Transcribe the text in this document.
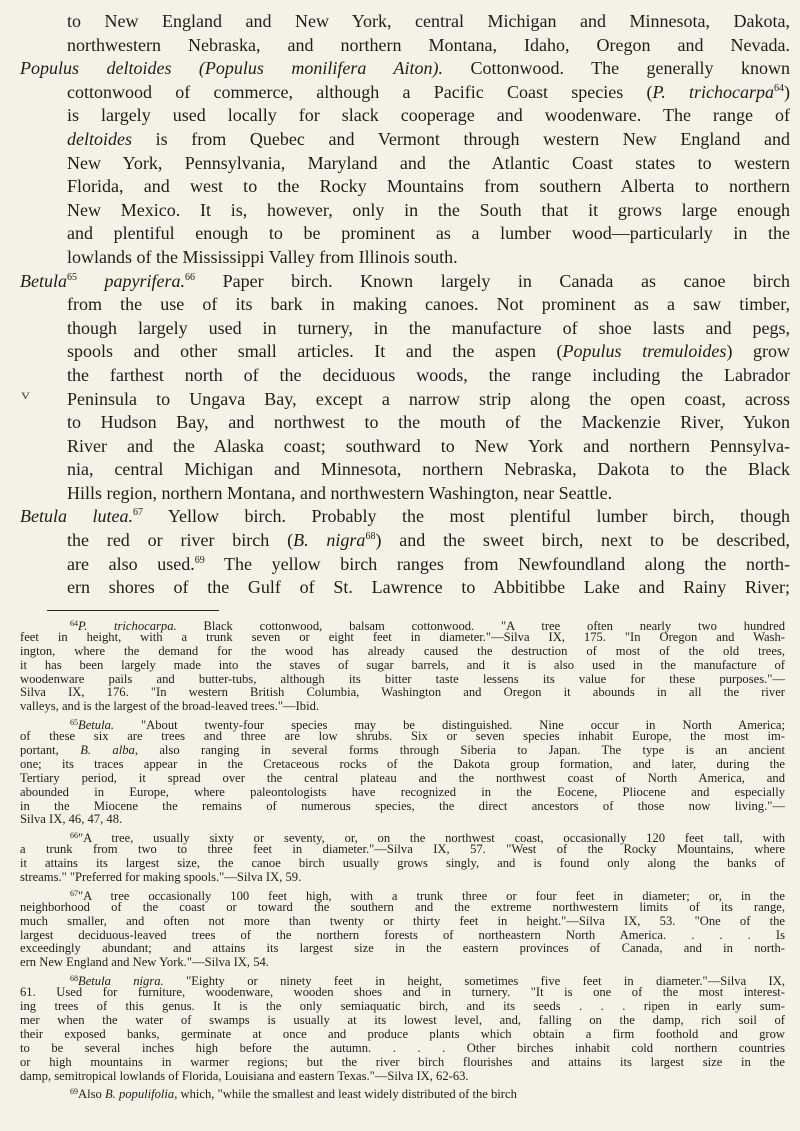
v
to New England and New York, central Michigan and Minnesota, Dakota,
northwestern Nebraska, and northern Montana, Idaho, Oregon and Nevada.
Populus deltoides (Populus monilifera Aiton). Cottonwood. The generally known
cottonwood of commerce, although a Pacific Coast species (P. trichocarpa$^{64}$)
is largely used locally for slack cooperage and woodenware. The range of
deltoides is from Quebec and Vermont through western New England and
New York, Pennsylvania, Maryland and the Atlantic Coast states to western
Florida, and west to the Rocky Mountains from southern Alberta to northern
New Mexico. It is, however, only in the South that it grows large enough
and plentiful enough to be prominent as a lumber wood—particularly in the
lowlands of the Mississippi Valley from Illinois south.
Betula$^{65}$ papyrifera.$^{66}$ Paper birch. Known largely in Canada as canoe birch
from the use of its bark in making canoes. Not prominent as a saw timber,
though largely used in turnery, in the manufacture of shoe lasts and pegs,
spools and other small articles. It and the aspen (Populus tremuloides) grow
the farthest north of the deciduous woods, the range including the Labrador
Peninsula to Ungava Bay, except a narrow strip along the open coast, across
to Hudson Bay, and northwest to the mouth of the Mackenzie River, Yukon
River and the Alaska coast; southward to New York and northern Pennsylva-
nia, central Michigan and Minnesota, northern Nebraska, Dakota to the Black
Hills region, northern Montana, and northwestern Washington, near Seattle.
Betula lutea.$^{67}$ Yellow birch. Probably the most plentiful lumber birch, though
the red or river birch (B. nigra$^{68}$) and the sweet birch, next to be described,
are also used.$^{69}$ The yellow birch ranges from Newfoundland along the north-
ern shores of the Gulf of St. Lawrence to Abbitibbe Lake and Rainy River;
$^{64}$P. trichocarpa. Black cottonwood, balsam cottonwood. "A tree often nearly two hundred
feet in height, with a trunk seven or eight feet in diameter."—Silva IX, 175. "In Oregon and Wash-
ington, where the demand for the wood has already caused the destruction of most of the old trees,
it has been largely made into the staves of sugar barrels, and it is also used in the manufacture of
woodenware pails and butter-tubs, although its bitter taste lessens its value for these purposes."—
Silva IX, 176. "In western British Columbia, Washington and Oregon it abounds in all the river
valleys, and is the largest of the broad-leaved trees."—Ibid.
$^{65}$Betula. "About twenty-four species may be distinguished. Nine occur in North America;
of these six are trees and three are low shrubs. Six or seven species inhabit Europe, the most im-
portant, B. alba, also ranging in several forms through Siberia to Japan. The type is an ancient
one; its traces appear in the Cretaceous rocks of the Dakota group formation, and later, during the
Tertiary period, it spread over the central plateau and the northwest coast of North America, and
abounded in Europe, where paleontologists have recognized in the Eocene, Pliocene and especially
in the Miocene the remains of numerous species, the direct ancestors of those now living."—
Silva IX, 46, 47, 48.
$^{66}$"A tree, usually sixty or seventy, or, on the northwest coast, occasionally 120 feet tall, with
a trunk from two to three feet in diameter."—Silva IX, 57. "West of the Rocky Mountains, where
it attains its largest size, the canoe birch usually grows singly, and is found only along the banks of
streams." "Preferred for making spools."—Silva IX, 59.
$^{67}$"A tree occasionally 100 feet high, with a trunk three or four feet in diameter; or, in the
neighborhood of the coast or toward the southern and the extreme northwestern limits of its range,
much smaller, and often not more than twenty or thirty feet in height."—Silva IX, 53. "One of the
largest deciduous-leaved trees of the northern forests of northeastern North America. . . . Is
exceedingly abundant; and attains its largest size in the eastern provinces of Canada, and in north-
ern New England and New York."—Silva IX, 54.
$^{68}$Betula nigra. "Eighty or ninety feet in height, sometimes five feet in diameter."—Silva IX,
61. Used for furniture, woodenware, wooden shoes and in turnery. "It is one of the most interest-
ing trees of this genus. It is the only semiaquatic birch, and its seeds . . . ripen in early sum-
mer when the water of swamps is usually at its lowest level, and, falling on the damp, rich soil of
their exposed banks, germinate at once and produce plants which obtain a firm foothold and grow
to be several inches high before the autumn. . . . Other birches inhabit cold northern countries
or high mountains in warmer regions; but the river birch flourishes and attains its largest size in the
damp, semitropical lowlands of Florida, Louisiana and eastern Texas."—Silva IX, 62-63.
$^{69}$Also B. populifolia, which, "while the smallest and least widely distributed of the birch
